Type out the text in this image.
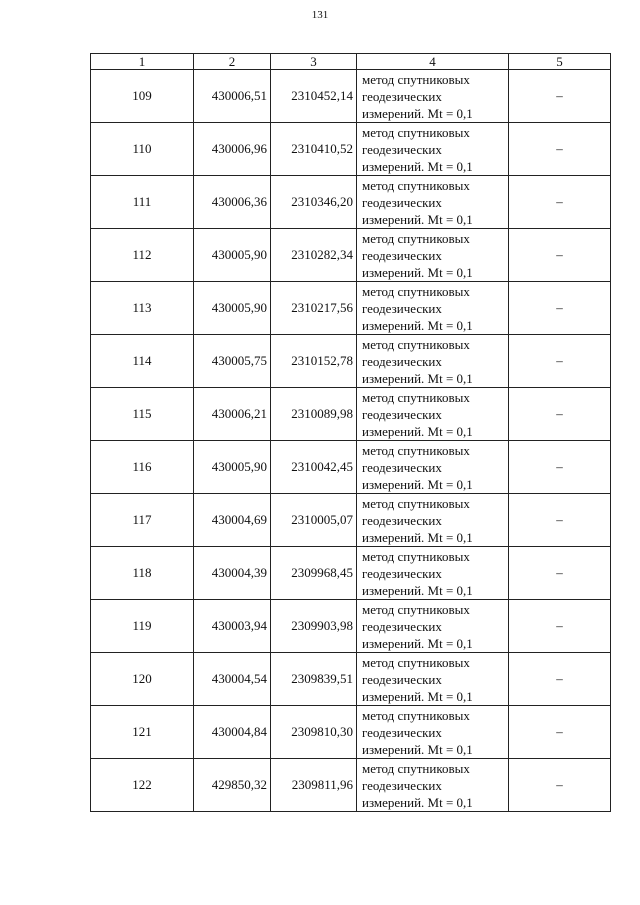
131
1	2	3	4	5
109	430006,51	2310452,14	метод спутниковых
геодезических
измерений. Mt = 0,1	–
110	430006,96	2310410,52	метод спутниковых
геодезических
измерений. Mt = 0,1	–
111	430006,36	2310346,20	метод спутниковых
геодезических
измерений. Mt = 0,1	–
112	430005,90	2310282,34	метод спутниковых
геодезических
измерений. Mt = 0,1	–
113	430005,90	2310217,56	метод спутниковых
геодезических
измерений. Mt = 0,1	–
114	430005,75	2310152,78	метод спутниковых
геодезических
измерений. Mt = 0,1	–
115	430006,21	2310089,98	метод спутниковых
геодезических
измерений. Mt = 0,1	–
116	430005,90	2310042,45	метод спутниковых
геодезических
измерений. Mt = 0,1	–
117	430004,69	2310005,07	метод спутниковых
геодезических
измерений. Mt = 0,1	–
118	430004,39	2309968,45	метод спутниковых
геодезических
измерений. Mt = 0,1	–
119	430003,94	2309903,98	метод спутниковых
геодезических
измерений. Mt = 0,1	–
120	430004,54	2309839,51	метод спутниковых
геодезических
измерений. Mt = 0,1	–
121	430004,84	2309810,30	метод спутниковых
геодезических
измерений. Mt = 0,1	–
122	429850,32	2309811,96	метод спутниковых
геодезических
измерений. Mt = 0,1	–
